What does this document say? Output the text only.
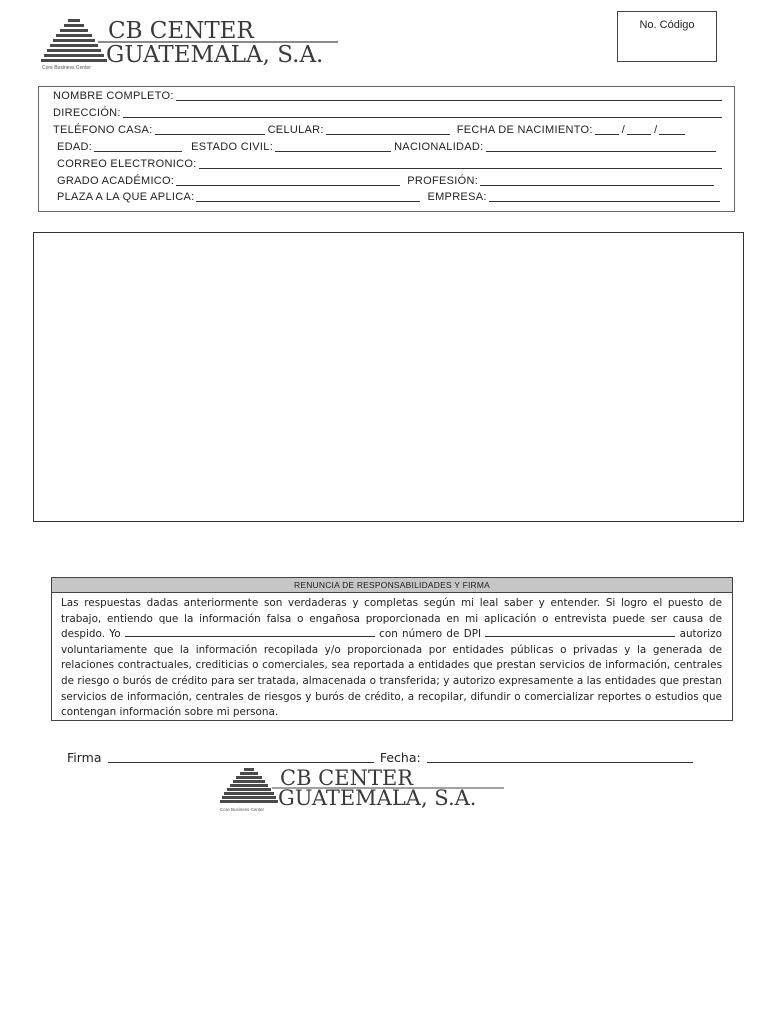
CB CENTER
GUATEMALA, S.A.
Core Business Center
No. Código
NOMBRE COMPLETO:
DIRECCIÓN:
TELÉFONO CASA:	CELULAR:	FECHA DE NACIMIENTO:	/	/
EDAD:	ESTADO CIVIL:	NACIONALIDAD:
CORREO ELECTRONICO:
GRADO ACADÉMICO:	PROFESIÓN:
PLAZA A LA QUE APLICA:	EMPRESA:
RENUNCIA DE RESPONSABILIDADES Y FIRMA
Las respuestas dadas anteriormente son verdaderas y completas según mi leal saber y entender. Si logro el puesto de trabajo, entiendo que la información falsa o engañosa proporcionada en mi aplicación o entrevista puede ser causa de despido. Yo	con número de DPI	autorizo voluntariamente que la información recopilada y/o proporcionada por entidades públicas o privadas y la generada de relaciones contractuales, crediticias o comerciales, sea reportada a entidades que prestan servicios de información, centrales de riesgo o burós de crédito para ser tratada, almacenada o transferida; y autorizo expresamente a las entidades que prestan servicios de información, centrales de riesgos y burós de crédito, a recopilar, difundir o comercializar reportes o estudios que contengan información sobre mi persona.
Firma	Fecha:
CB CENTER
GUATEMALA, S.A.
Core Business Center
